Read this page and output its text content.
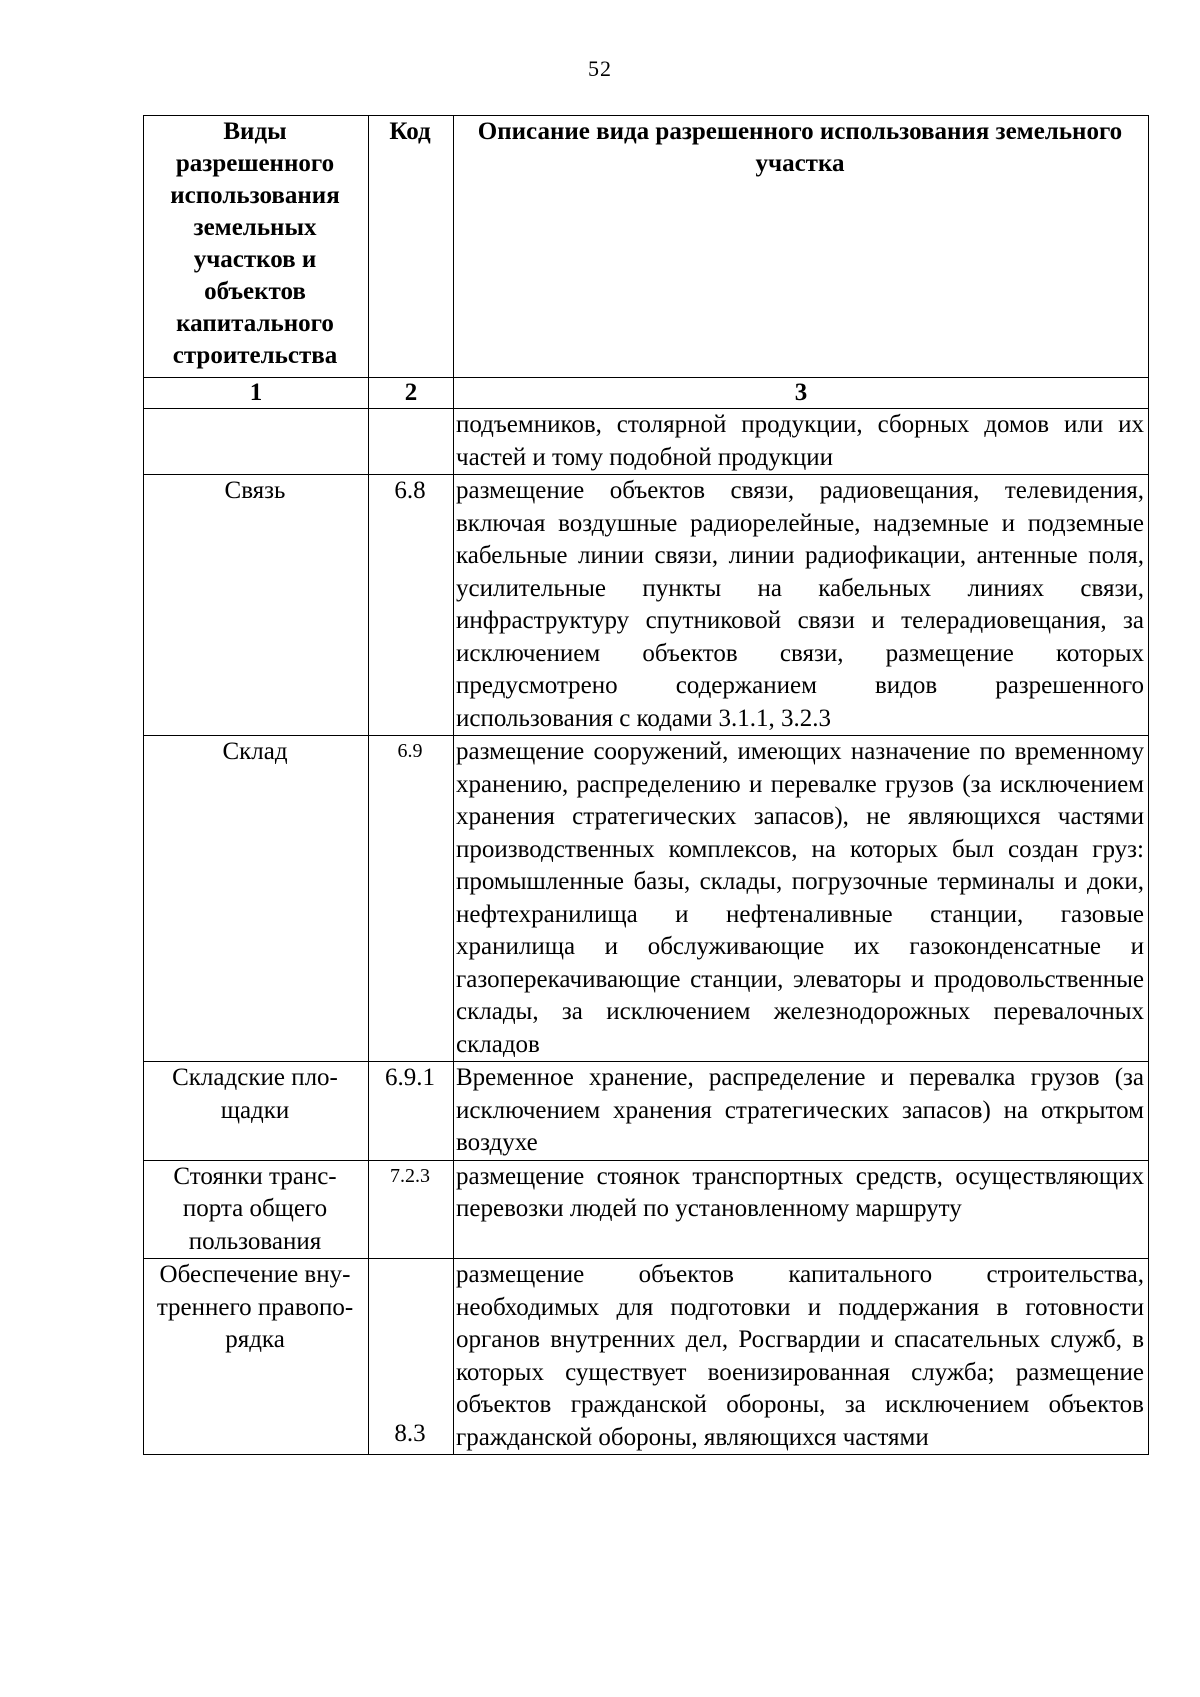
52
Виды разрешенного использования земельных участков и объектов капитального строительства	Код	Описание вида разрешенного использования земельного участка
1	2	3
		подъемников, столярной продукции, сборных домов или их частей и тому подобной продукции
Связь	6.8	размещение объектов связи, радиовещания, телевидения, включая воздушные радиорелейные, надземные и подземные кабельные линии связи, линии радиофикации, антенные поля, усилительные пункты на кабельных линиях связи, инфраструктуру спутниковой связи и телерадиовещания, за исключением объектов связи, размещение которых предусмотрено содержанием видов разрешенного использования с кодами 3.1.1, 3.2.3
Склад	6.9	размещение сооружений, имеющих назначение по временному хранению, распределению и перевалке грузов (за исключением хранения стратегических запасов), не являющихся частями производственных комплексов, на которых был создан груз: промышленные базы, склады, погрузочные терминалы и доки, нефтехранилища и нефтеналивные станции, газовые хранилища и обслуживающие их газоконденсатные и газоперекачивающие станции, элеваторы и продовольственные склады, за исключением железнодорожных перевалочных складов
Складские пло-щадки	6.9.1	Временное хранение, распределение и перевалка грузов (за исключением хранения стратегических запасов) на открытом воздухе
Стоянки транс-порта общего пользования	7.2.3	размещение стоянок транспортных средств, осуществляющих перевозки людей по установленному маршруту
Обеспечение вну-треннего правопо-рядка	8.3	размещение объектов капитального строительства, необходимых для подготовки и поддержания в готовности органов внутренних дел, Росгвардии и спасательных служб, в которых существует военизированная служба; размещение объектов гражданской обороны, за исключением объектов гражданской обороны, являющихся частями
